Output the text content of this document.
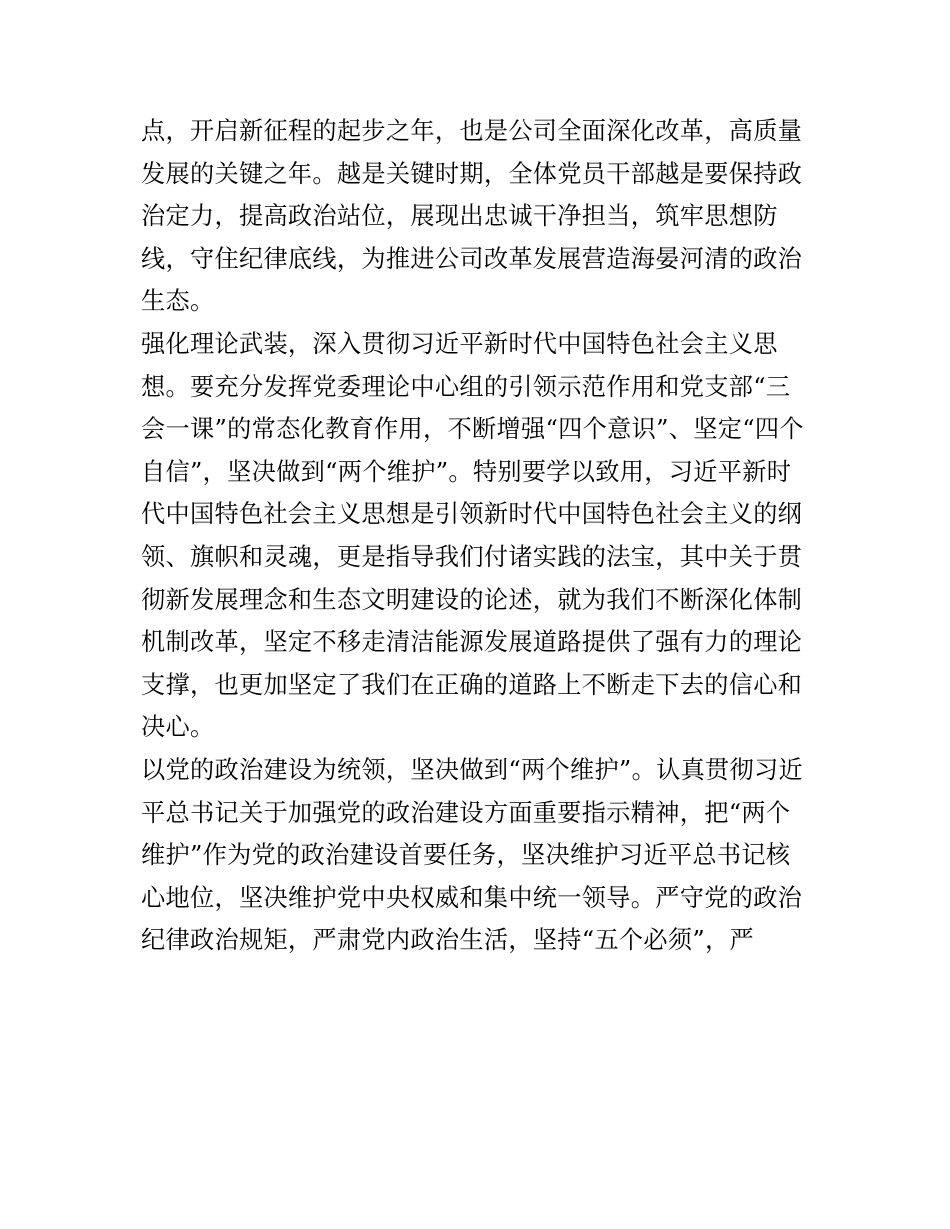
点，开启新征程的起步之年，也是公司全面深化改革，高质量
发展的关键之年。越是关键时期，全体党员干部越是要保持政
治定力，提高政治站位，展现出忠诚干净担当，筑牢思想防
线，守住纪律底线，为推进公司改革发展营造海晏河清的政治
生态。

强化理论武装，深入贯彻习近平新时代中国特色社会主义思
想。要充分发挥党委理论中心组的引领示范作用和党支部“三
会一课”的常态化教育作用，不断增强“四个意识”、坚定“四个
自信”，坚决做到“两个维护”。特别要学以致用，习近平新时
代中国特色社会主义思想是引领新时代中国特色社会主义的纲
领、旗帜和灵魂，更是指导我们付诸实践的法宝，其中关于贯
彻新发展理念和生态文明建设的论述，就为我们不断深化体制
机制改革，坚定不移走清洁能源发展道路提供了强有力的理论
支撑，也更加坚定了我们在正确的道路上不断走下去的信心和
决心。

以党的政治建设为统领，坚决做到“两个维护”。认真贯彻习近
平总书记关于加强党的政治建设方面重要指示精神，把“两个
维护”作为党的政治建设首要任务，坚决维护习近平总书记核
心地位，坚决维护党中央权威和集中统一领导。严守党的政治
纪律政治规矩，严肃党内政治生活，坚持“五个必须”，严
